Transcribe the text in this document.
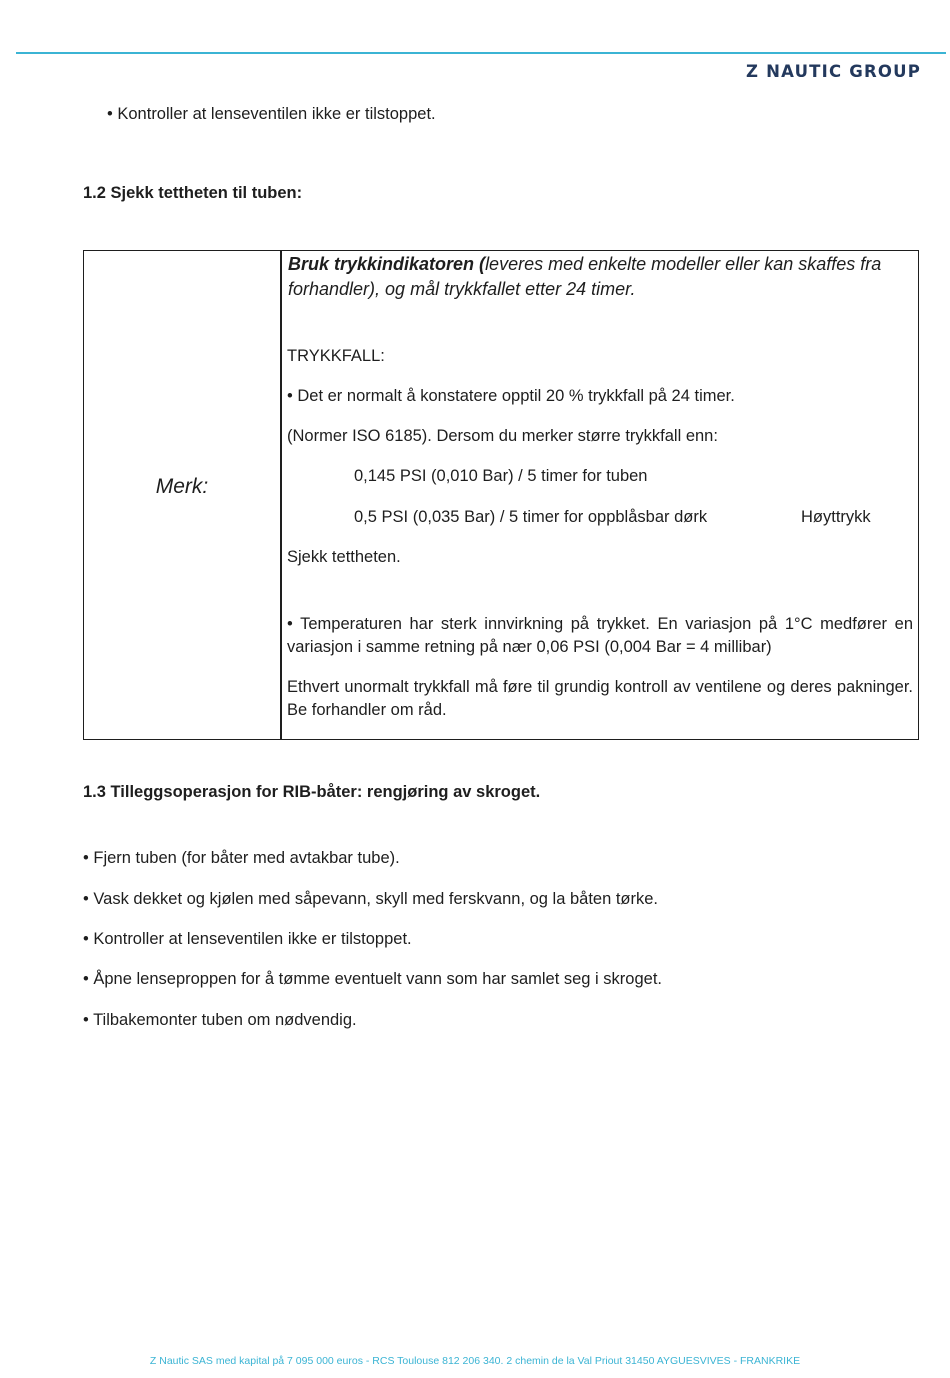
Z NAUTIC GROUP
• Kontroller at lenseventilen ikke er tilstoppet.
1.2 Sjekk tettheten til tuben:
Merk:
Bruk trykkindikatoren (leveres med enkelte modeller eller kan skaffes fra forhandler), og mål trykkfallet etter 24 timer.
TRYKKFALL:
• Det er normalt å konstatere opptil 20 % trykkfall på 24 timer.
(Normer ISO 6185). Dersom du merker større trykkfall enn:
0,145 PSI (0,010 Bar) / 5 timer for tuben
0,5 PSI (0,035 Bar) / 5 timer for oppblåsbar dørk	Høyttrykk
Sjekk tettheten.
• Temperaturen har sterk innvirkning på trykket. En variasjon på 1°C medfører en variasjon i samme retning på nær 0,06 PSI (0,004 Bar = 4 millibar)
Ethvert unormalt trykkfall må føre til grundig kontroll av ventilene og deres pakninger. Be forhandler om råd.
1.3 Tilleggsoperasjon for RIB-båter: rengjøring av skroget.
• Fjern tuben (for båter med avtakbar tube).
• Vask dekket og kjølen med såpevann, skyll med ferskvann, og la båten tørke.
• Kontroller at lenseventilen ikke er tilstoppet.
• Åpne lenseproppen for å tømme eventuelt vann som har samlet seg i skroget.
• Tilbakemonter tuben om nødvendig.
Z Nautic SAS med kapital på 7 095 000 euros - RCS Toulouse 812 206 340. 2 chemin de la Val Priout 31450 AYGUESVIVES - FRANKRIKE
